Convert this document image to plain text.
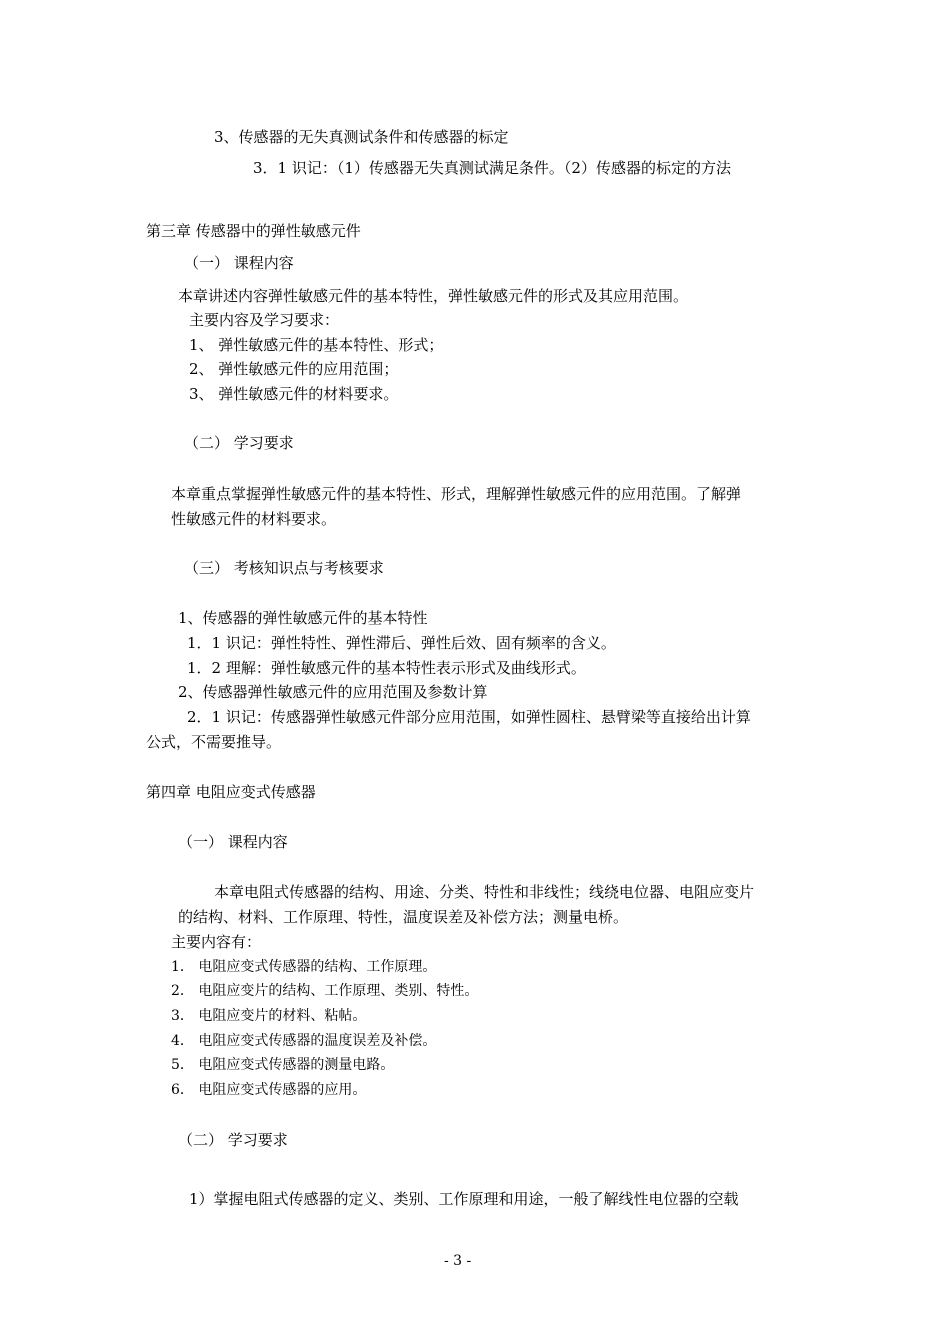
3、传感器的无失真测试条件和传感器的标定
3．1 识记：（1）传感器无失真测试满足条件。（2）传感器的标定的方法
第三章 传感器中的弹性敏感元件
（一） 课程内容
本章讲述内容弹性敏感元件的基本特性，弹性敏感元件的形式及其应用范围。
主要内容及学习要求：
1、 弹性敏感元件的基本特性、形式；
2、 弹性敏感元件的应用范围；
3、 弹性敏感元件的材料要求。
（二） 学习要求
本章重点掌握弹性敏感元件的基本特性、形式，理解弹性敏感元件的应用范围。了解弹
性敏感元件的材料要求。
（三） 考核知识点与考核要求
1、传感器的弹性敏感元件的基本特性
1．1 识记：弹性特性、弹性滞后、弹性后效、固有频率的含义。
1．2 理解：弹性敏感元件的基本特性表示形式及曲线形式。
2、传感器弹性敏感元件的应用范围及参数计算
2．1 识记：传感器弹性敏感元件部分应用范围，如弹性圆柱、悬臂梁等直接给出计算
公式，不需要推导。
第四章 电阻应变式传感器
（一） 课程内容
本章电阻式传感器的结构、用途、分类、特性和非线性；线绕电位器、电阻应变片
的结构、材料、工作原理、特性，温度误差及补偿方法；测量电桥。
主要内容有：
1． 电阻应变式传感器的结构、工作原理。
2． 电阻应变片的结构、工作原理、类别、特性。
3． 电阻应变片的材料、粘帖。
4． 电阻应变式传感器的温度误差及补偿。
5． 电阻应变式传感器的测量电路。
6． 电阻应变式传感器的应用。
（二） 学习要求
1）掌握电阻式传感器的定义、类别、工作原理和用途，一般了解线性电位器的空载
- 3 -
